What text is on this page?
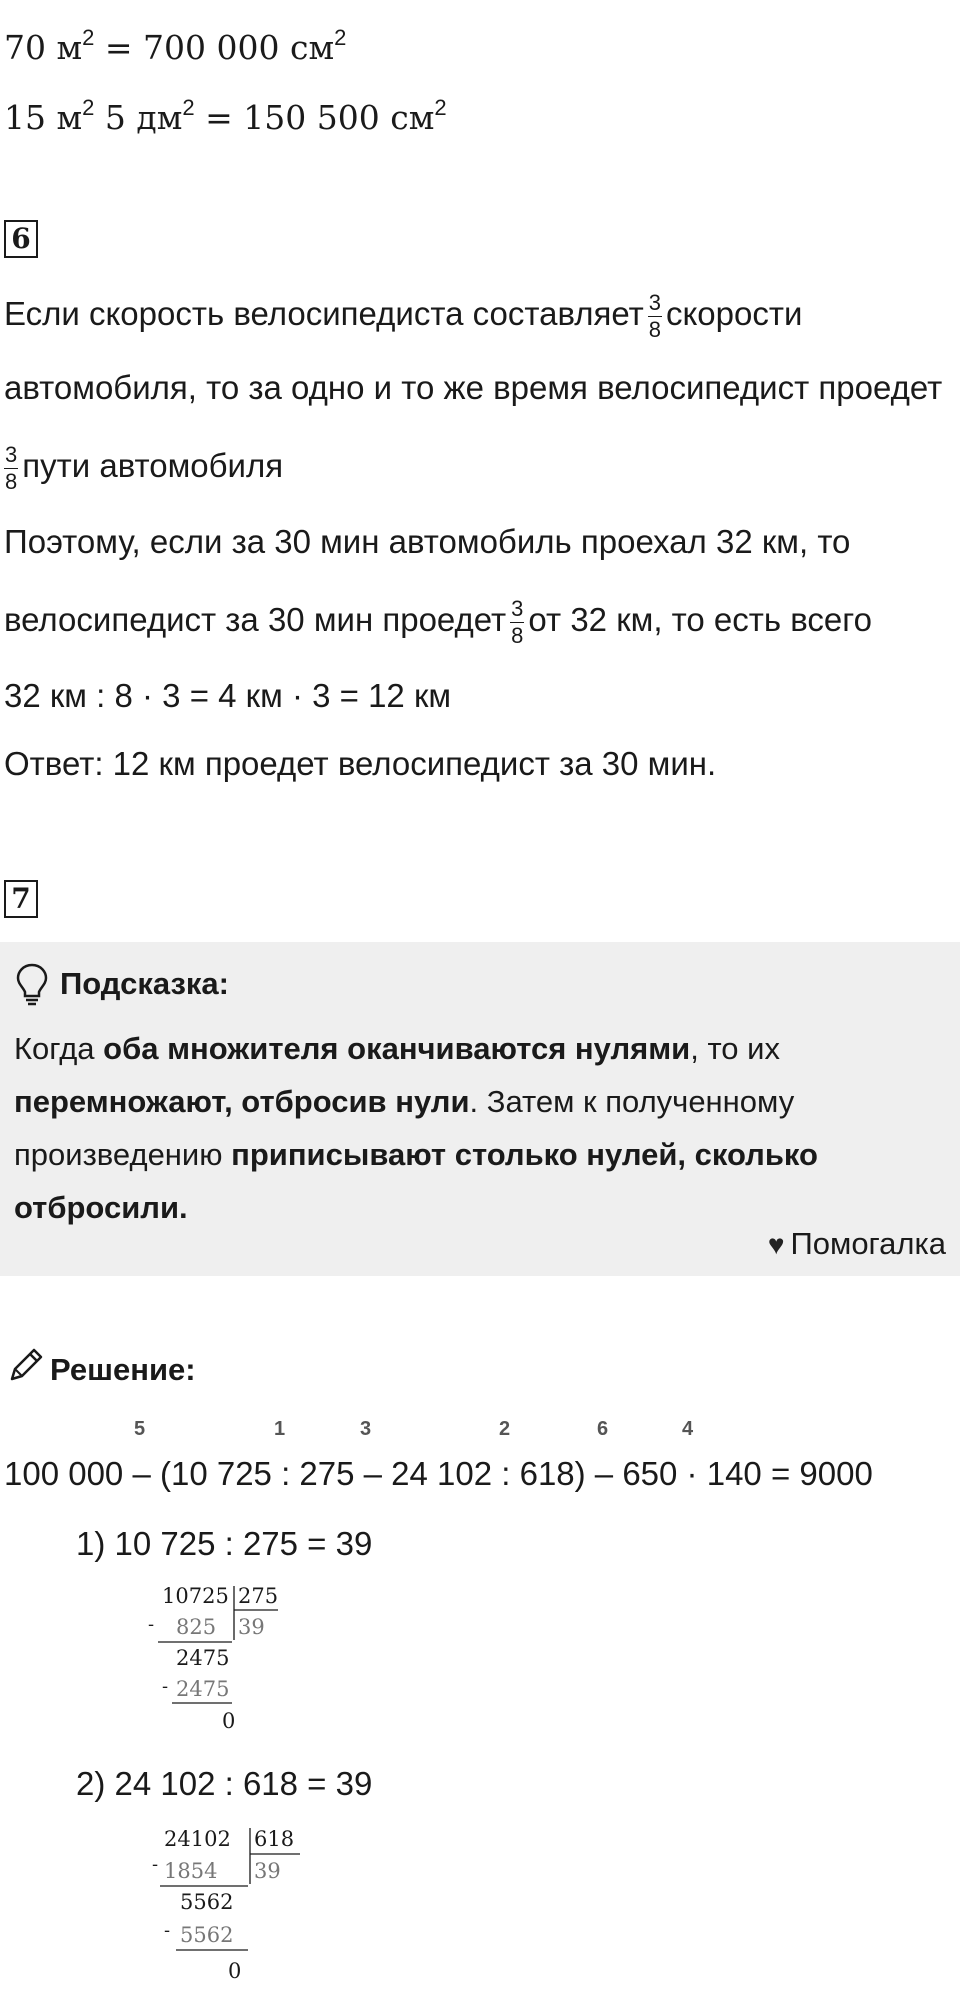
70 $м^2 = 700$ 000 $см^2$
15 $м^2$ 5 $дм^2 = 150$ 500 $см^2$
6
Если скорость велосипедиста составляет $\frac{3}{8}$ скорости
автомобиля, то за одно и то же время велосипедист проедет
$\frac{3}{8}$ пути автомобиля
Поэтому, если за 30 мин автомобиль проехал 32 км, то
велосипедист за 30 мин проедет $\frac{3}{8}$ от 32 км, то есть всего
32 км : 8 · 3 = 4 км · 3 = 12 км
Ответ: 12 км проедет велосипедист за 30 мин.
7
Подсказка:
Когда оба множителя оканчиваются нулями, то их перемножают, отбросив нули. Затем к полученному произведению приписывают столько нулей, сколько отбросили.
♥ Помогалка
Решение:
5	1	3	2	6	4
100 000 – (10 725 : 275 – 24 102 : 618) – 650 · 140 = 9000
1) 10 725 : 275 = 39
10725 275
- 825 39
2475
- 2475
0
2) 24 102 : 618 = 39
24102 618
- 1854 39
5562
- 5562
0
